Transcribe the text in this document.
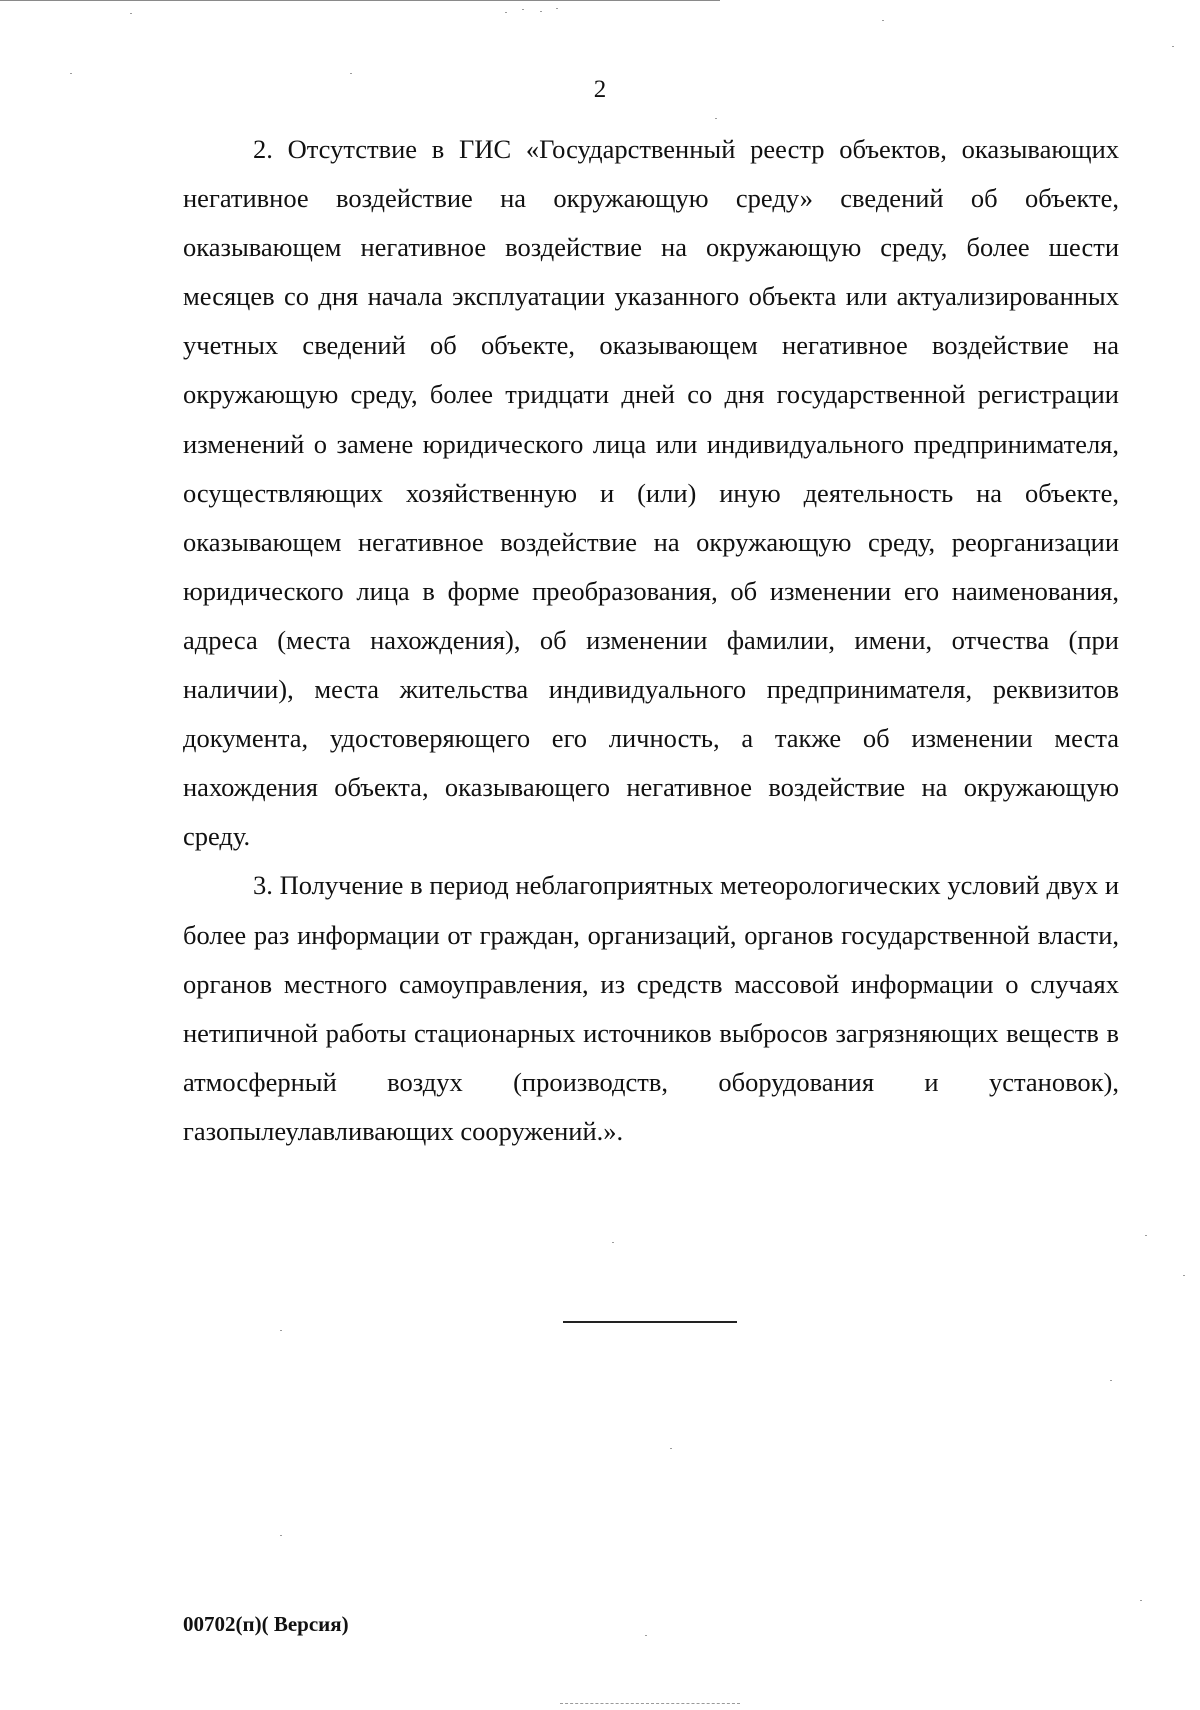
2

2. Отсутствие в ГИС «Государственный реестр объектов, оказывающих негативное воздействие на окружающую среду» сведений об объекте, оказывающем негативное воздействие на окружающую среду, более шести месяцев со дня начала эксплуатации указанного объекта или актуализированных учетных сведений об объекте, оказывающем негативное воздействие на окружающую среду, более тридцати дней со дня государственной регистрации изменений о замене юридического лица или индивидуального предпринимателя, осуществляющих хозяйственную и (или) иную деятельность на объекте, оказывающем негативное воздействие на окружающую среду, реорганизации юридического лица в форме преобразования, об изменении его наименования, адреса (места нахождения), об изменении фамилии, имени, отчества (при наличии), места жительства индивидуального предпринимателя, реквизитов документа, удостоверяющего его личность, а также об изменении места нахождения объекта, оказывающего негативное воздействие на окружающую среду.

3. Получение в период неблагоприятных метеорологических условий двух и более раз информации от граждан, организаций, органов государственной власти, органов местного самоуправления, из средств массовой информации о случаях нетипичной работы стационарных источников выбросов загрязняющих веществ в атмосферный воздух (производств, оборудования и установок), газопылеулавливающих сооружений.».

00702(п)( Версия)
